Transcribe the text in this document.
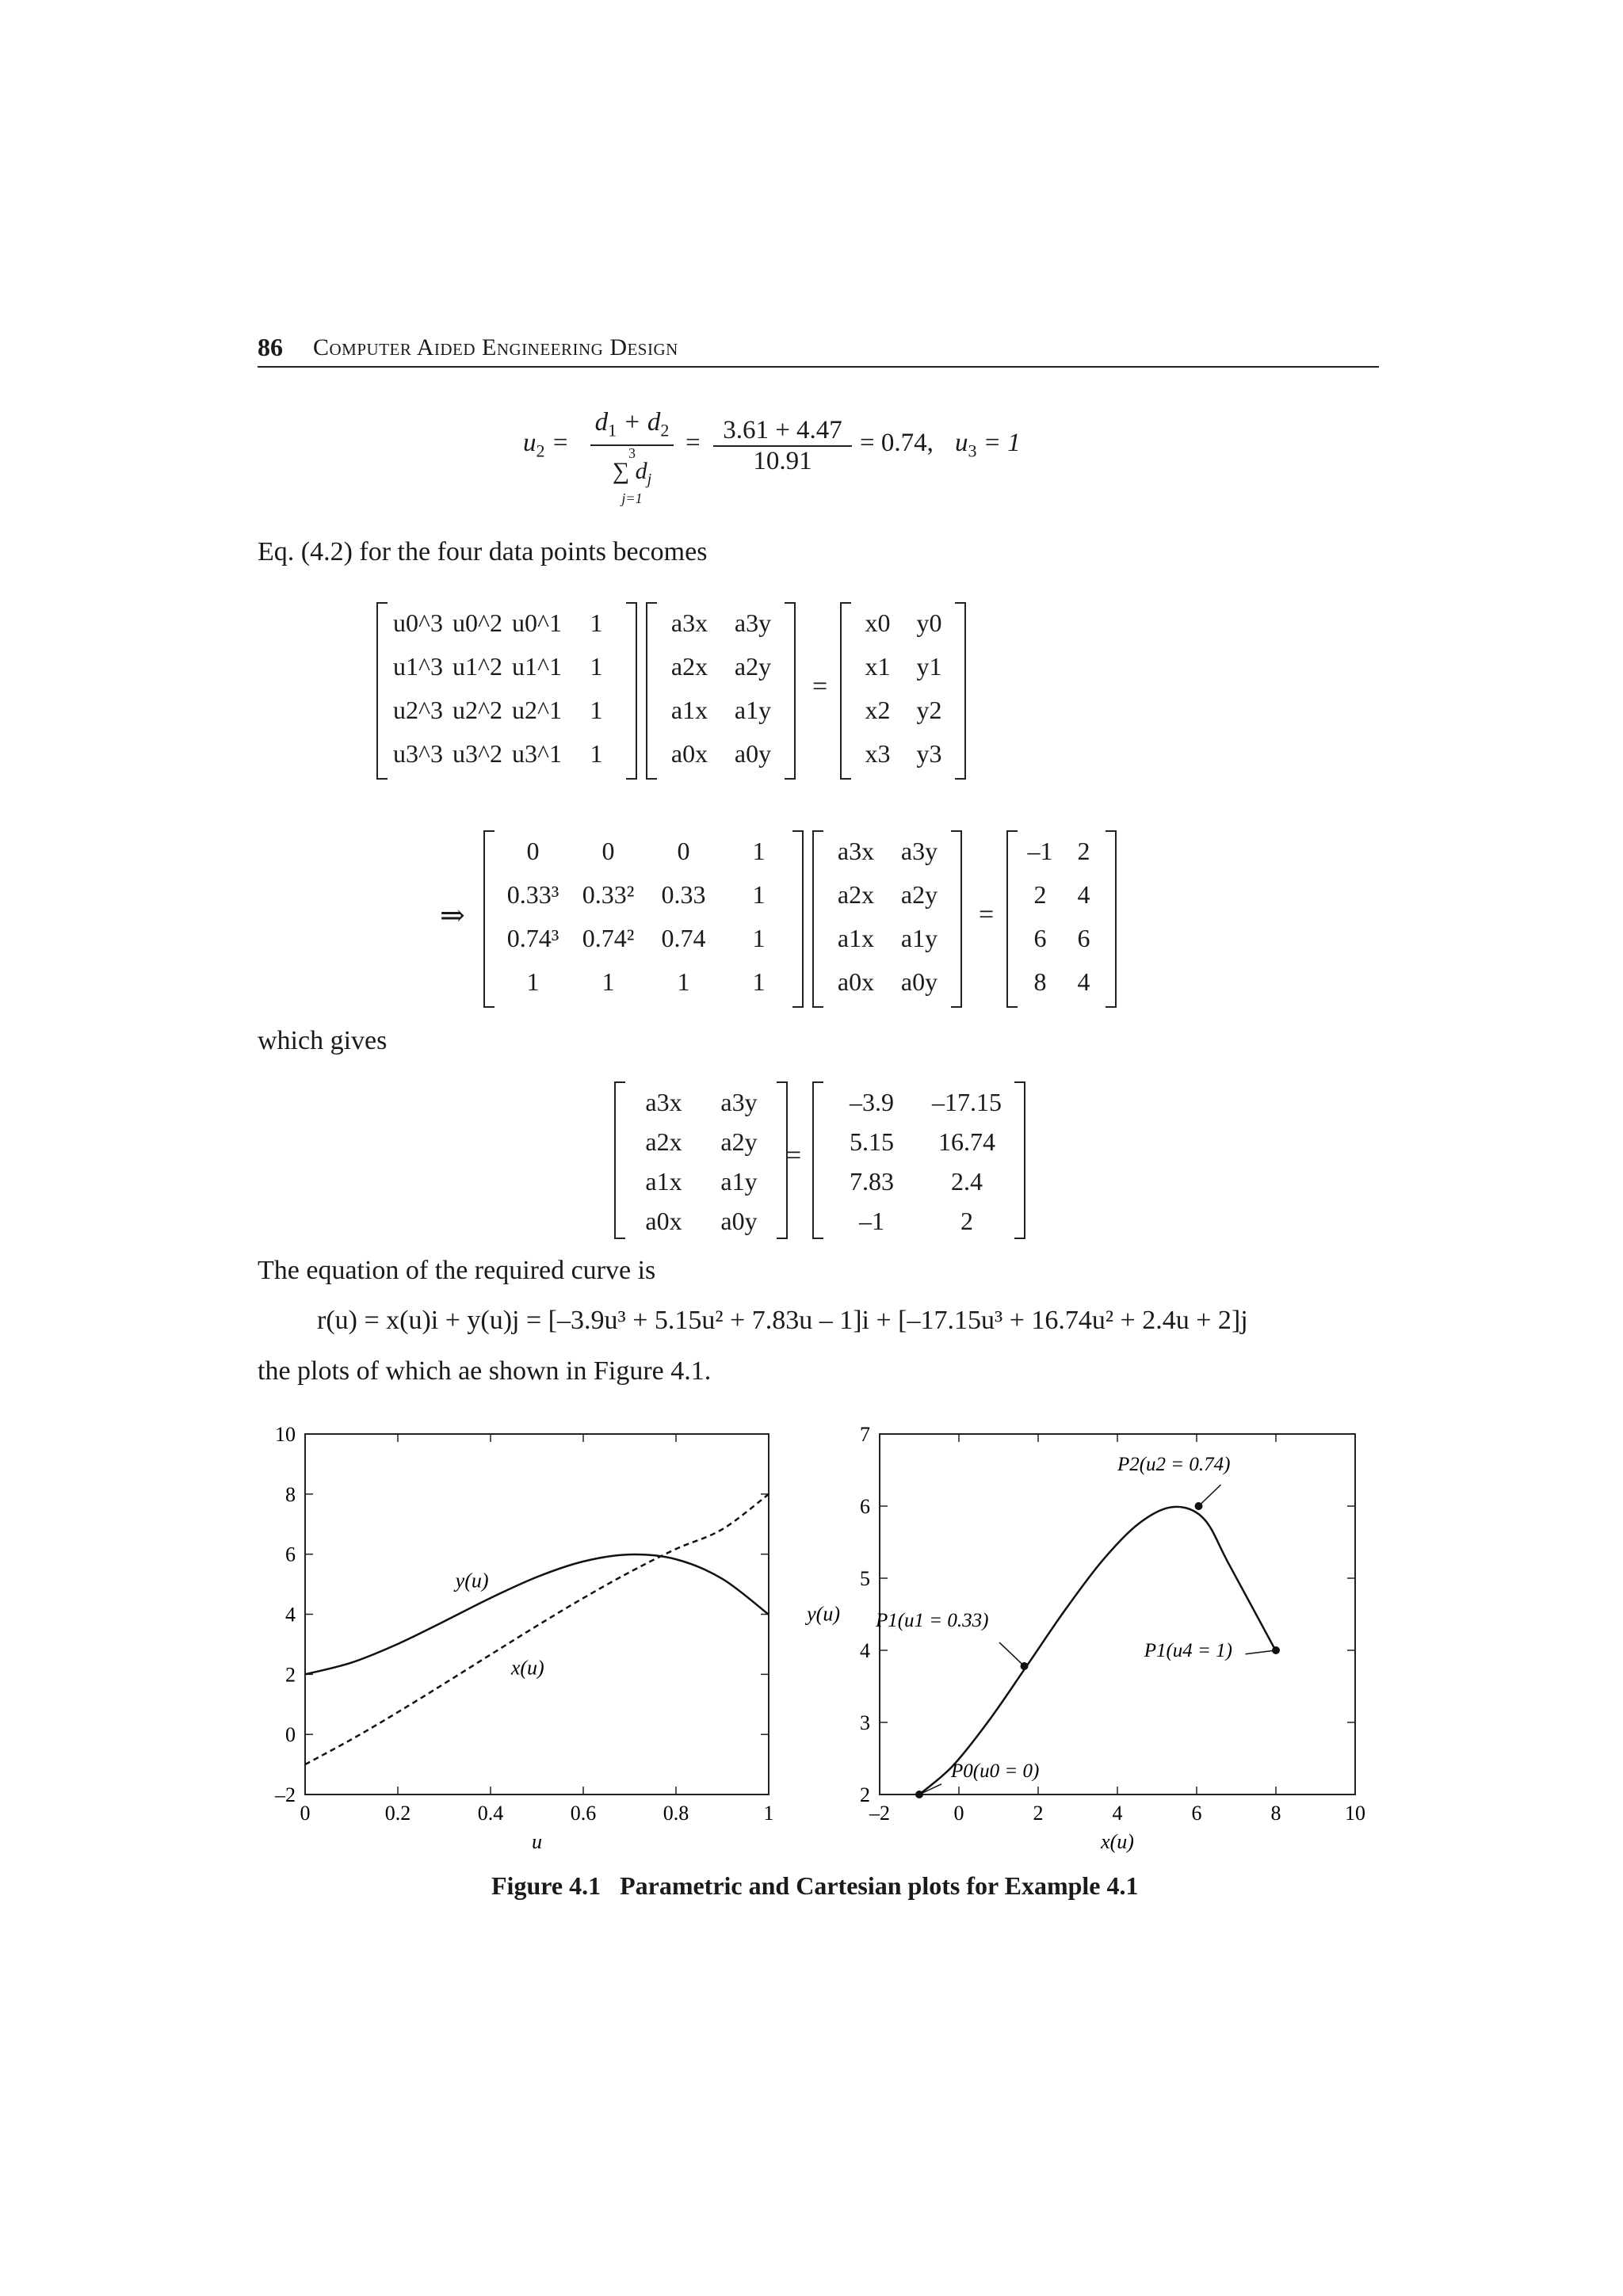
86 Computer Aided Engineering Design
$u_2$ =
$d_1 + d_2$
3
∑ $d_j$
j=1
= $\frac{3.61 + 4.47}{10.91} = 0.74$, $u_3 = 1$
Eq. (4.2) for the four data points becomes
u0^3 u0^2 u0^1	1
u1^3 u1^2 u1^1	1
u2^3 u2^2 u2^1	1
u3^3 u3^2 u3^1	1
a3x	a3y
a2x	a2y
a1x	a1y
a0x	a0y
=
x0	y0
x1	y1
x2	y2
x3	y3
⇒
0	0	0	1
0.33³ 0.33²	0.33	1
0.74³ 0.74²	0.74	1
1	1	1	1
a3x	a3y
a2x	a2y
a1x	a1y
a0x	a0y
=
–1 2
2	4
6	6
8	4
which gives
a3x	a3y
a2x	a2y
a1x	a1y
a0x	a0y
=
–3.9	–17.15
5.15	16.74
7.83	2.4
–1	2
The equation of the required curve is
r(u) = x(u)i + y(u)j = [–3.9u³ + 5.15u² + 7.83u – 1]i + [–17.15u³ + 16.74u² + 2.4u + 2]j
the plots of which ae shown in Figure 4.1.
0	0.2	0.4	0.6	0.8	1
–2
0
2
4
6
8
10
u
y(u)
x(u)
–2	0	2	4	6	8	10
2
3
4
5
6
7
x(u)
y(u)
P0(u0 = 0)
P1(u1 = 0.33)
P2(u2 = 0.74)
P1(u4 = 1)
Figure 4.1   Parametric and Cartesian plots for Example 4.1
